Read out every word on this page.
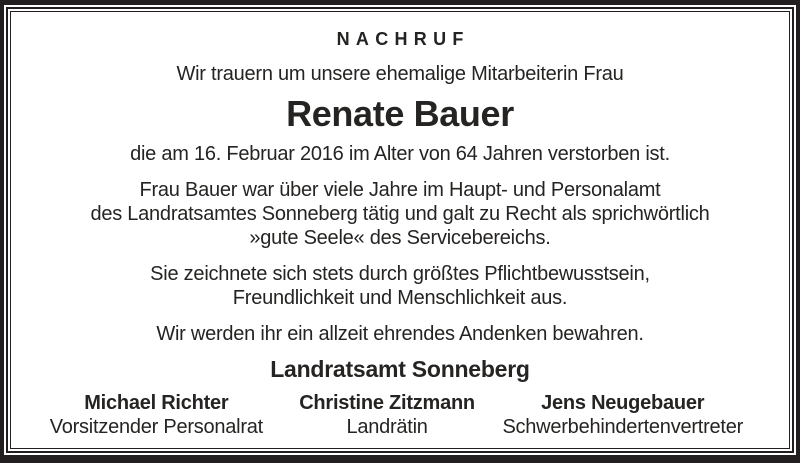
NACHRUF

Wir trauern um unsere ehemalige Mitarbeiterin Frau

Renate Bauer

die am 16. Februar 2016 im Alter von 64 Jahren verstorben ist.

Frau Bauer war über viele Jahre im Haupt- und Personalamt
des Landratsamtes Sonneberg tätig und galt zu Recht als sprichwörtlich
»gute Seele« des Servicebereichs.

Sie zeichnete sich stets durch größtes Pflichtbewusstsein,
Freundlichkeit und Menschlichkeit aus.

Wir werden ihr ein allzeit ehrendes Andenken bewahren.

Landratsamt Sonneberg
Michael Richter
Vorsitzender Personalrat
Christine Zitzmann
Landrätin
Jens Neugebauer
Schwerbehindertenvertreter
